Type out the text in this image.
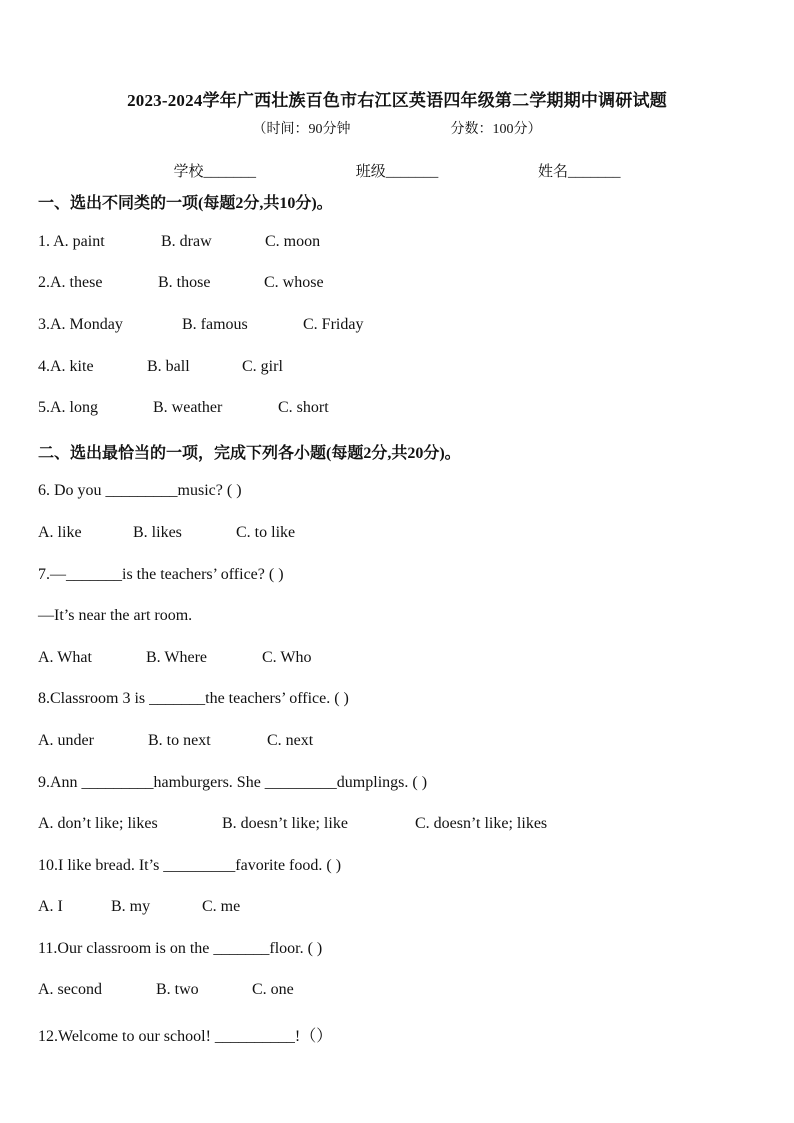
2023-2024学年广西壮族百色市右江区英语四年级第二学期期中调研试题
（时间：90分钟	分数：100分）
学校_______	班级_______	姓名_______
一、选出不同类的一项(每题2分,共10分)。
1. A. paint	B. draw	C. moon
2.A. these	B. those	C. whose
3.A. Monday	B. famous	C. Friday
4.A. kite	B. ball	C. girl
5.A. long	B. weather	C. short
二、选出最恰当的一项，完成下列各小题(每题2分,共20分)。
6. Do you _________music? ( )
A. like	B. likes	C. to like
7.—_______is the teachers’ office? ( )
—It’s near the art room.
A. What	B. Where	C. Who
8.Classroom 3 is _______the teachers’ office. ( )
A. under	B. to next	C. next
9.Ann _________hamburgers. She _________dumplings. ( )
A. don’t like; likes	B. doesn’t like; like	C. doesn’t like; likes
10.I like bread. It’s _________favorite food. ( )
A. I	B. my	C. me
11.Our classroom is on the _______floor. ( )
A. second	B. two	C. one
12.Welcome to our school! __________!（）
